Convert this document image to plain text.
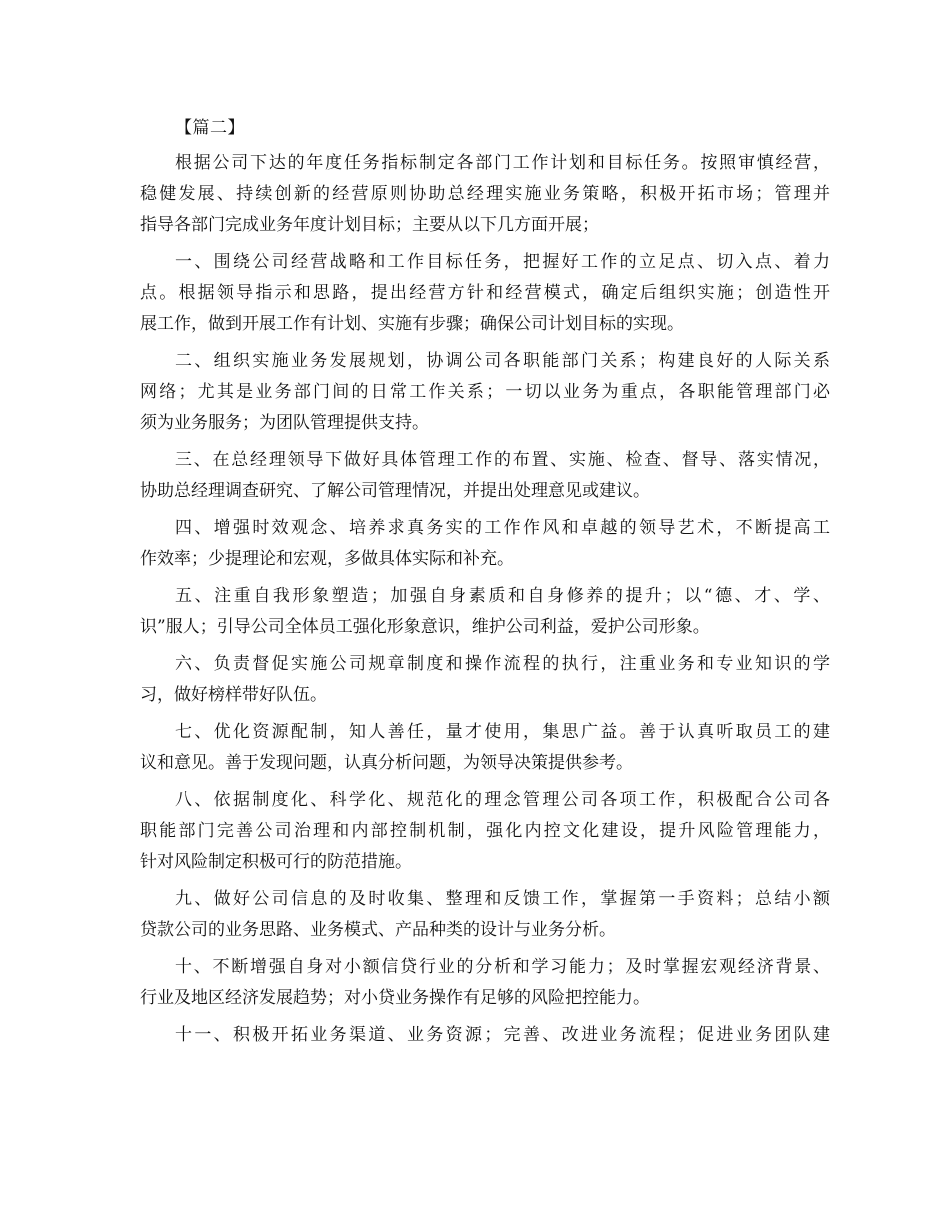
【篇二】
根据公司下达的年度任务指标制定各部门工作计划和目标任务。按照审慎经营，
稳健发展、持续创新的经营原则协助总经理实施业务策略，积极开拓市场；管理并
指导各部门完成业务年度计划目标；主要从以下几方面开展；
一、围绕公司经营战略和工作目标任务，把握好工作的立足点、切入点、着力
点。根据领导指示和思路，提出经营方针和经营模式，确定后组织实施；创造性开
展工作，做到开展工作有计划、实施有步骤；确保公司计划目标的实现。
二、组织实施业务发展规划，协调公司各职能部门关系；构建良好的人际关系
网络；尤其是业务部门间的日常工作关系；一切以业务为重点，各职能管理部门必
须为业务服务；为团队管理提供支持。
三、在总经理领导下做好具体管理工作的布置、实施、检查、督导、落实情况，
协助总经理调查研究、了解公司管理情况，并提出处理意见或建议。
四、增强时效观念、培养求真务实的工作作风和卓越的领导艺术，不断提高工
作效率；少提理论和宏观，多做具体实际和补充。
五、注重自我形象塑造；加强自身素质和自身修养的提升；以“德、才、学、
识”服人；引导公司全体员工强化形象意识，维护公司利益，爱护公司形象。
六、负责督促实施公司规章制度和操作流程的执行，注重业务和专业知识的学
习，做好榜样带好队伍。
七、优化资源配制，知人善任，量才使用，集思广益。善于认真听取员工的建
议和意见。善于发现问题，认真分析问题，为领导决策提供参考。
八、依据制度化、科学化、规范化的理念管理公司各项工作，积极配合公司各
职能部门完善公司治理和内部控制机制，强化内控文化建设，提升风险管理能力，
针对风险制定积极可行的防范措施。
九、做好公司信息的及时收集、整理和反馈工作，掌握第一手资料；总结小额
贷款公司的业务思路、业务模式、产品种类的设计与业务分析。
十、不断增强自身对小额信贷行业的分析和学习能力；及时掌握宏观经济背景、
行业及地区经济发展趋势；对小贷业务操作有足够的风险把控能力。
十一、积极开拓业务渠道、业务资源；完善、改进业务流程；促进业务团队建
